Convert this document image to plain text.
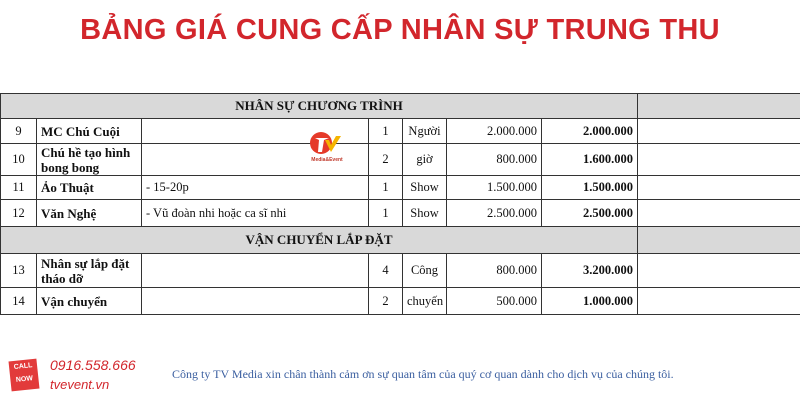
BẢNG GIÁ CUNG CẤP NHÂN SỰ TRUNG THU
NHÂN SỰ CHƯƠNG TRÌNH							
9	MC Chú Cuội		1	Người	2.000.000	2.000.000	
10	Chú hề tạo hình bong bong		2	giờ	800.000	1.600.000	
11	Ảo Thuật	- 15-20p	1	Show	1.500.000	1.500.000	
12	Văn Nghệ	- Vũ đoàn nhi hoặc ca sĩ nhi	1	Show	2.500.000	2.500.000	
VẬN CHUYỂN LẮP ĐẶT							
13	Nhân sự lắp đặt tháo dỡ		4	Công	800.000	3.200.000	
14	Vận chuyển		2	chuyến	500.000	1.000.000	
Media&Event
CALL
NOW
0916.558.666
tvevent.vn
Công ty TV Media xin chân thành cảm ơn sự quan tâm của quý cơ quan dành cho dịch vụ của chúng tôi.
